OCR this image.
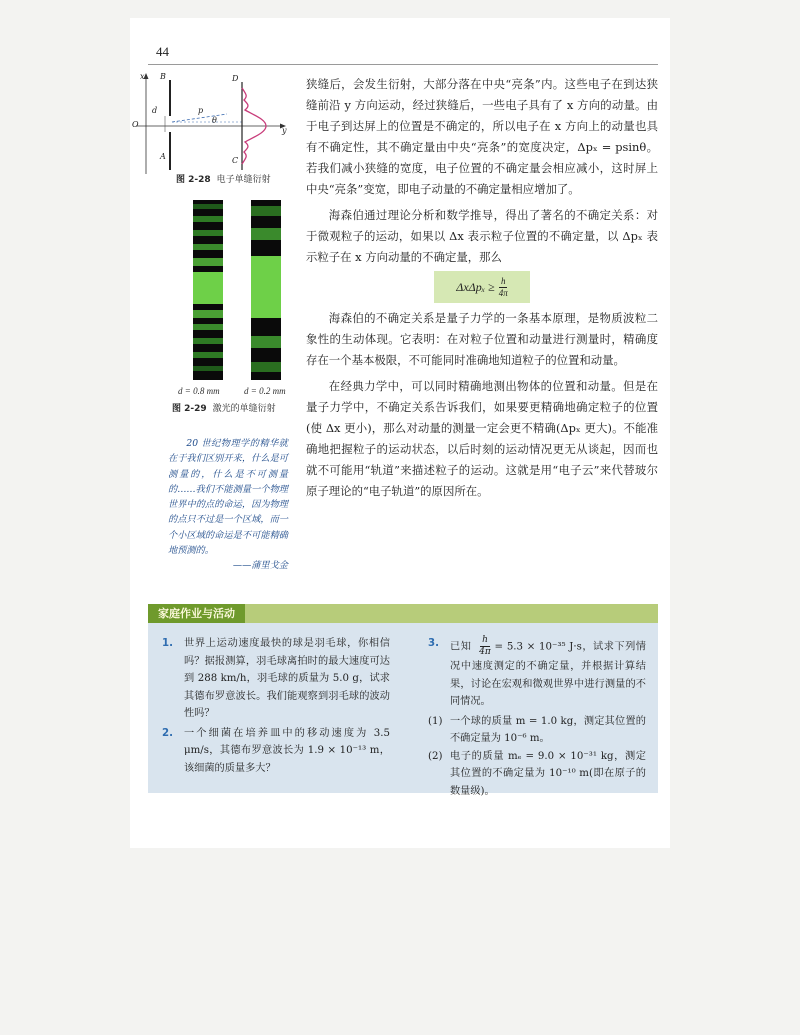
44
x B	D
d	p
θ
O
y
A	C
图 2-28 电子单缝衍射
d = 0.8 mm	d = 0.2 mm
图 2-29 激光的单缝衍射

狭缝后，会发生衍射，大部分落在中央“亮条”内。这些电子在到达狭缝前沿 y 方向运动，经过狭缝后，一些电子具有了 x 方向的动量。由于电子到达屏上的位置是不确定的，所以电子在 x 方向上的动量也具有不确定性，其不确定量由中央“亮条”的宽度决定，Δpₓ = psinθ。若我们减小狭缝的宽度，电子位置的不确定量会相应减小，这时屏上中央“亮条”变宽，即电子动量的不确定量相应增加了。

海森伯通过理论分析和数学推导，得出了著名的不确定关系：对于微观粒子的运动，如果以 Δx 表示粒子位置的不确定量，以 Δpₓ 表示粒子在 x 方向动量的不确定量，那么

$\Delta x\Delta p_x \ge \frac{h}{4\pi}$

海森伯的不确定关系是量子力学的一条基本原理，是物质波粒二象性的生动体现。它表明：在对粒子位置和动量进行测量时，精确度存在一个基本极限，不可能同时准确地知道粒子的位置和动量。

在经典力学中，可以同时精确地测出物体的位置和动量。但是在量子力学中，不确定关系告诉我们，如果要更精确地确定粒子的位置(使 Δx 更小)，那么对动量的测量一定会更不精确(Δpₓ 更大)。不能准确地把握粒子的运动状态，以后时刻的运动情况更无从谈起，因而也就不可能用“轨道”来描述粒子的运动。这就是用“电子云”来代替玻尔原子理论的“电子轨道”的原因所在。

20 世纪物理学的精华就在于我们区别开来，什么是可测量的，什么是不可测量的……我们不能测量一个物理世界中的点的命运，因为物理的点只不过是一个区域，而一个小区域的命运是不可能精确地预测的。

——蒲里戈金

家庭作业与活动
1. 世界上运动速度最快的球是羽毛球，你相信吗？据报测算，羽毛球离拍时的最大速度可达到 288 km/h，羽毛球的质量为 5.0 g，试求其德布罗意波长。我们能观察到羽毛球的波动性吗？
2. 一个细菌在培养皿中的移动速度为 3.5 μm/s，其德布罗意波长为 1.9 × 10⁻¹³ m，该细菌的质量多大？
3. 已知 $\frac{h}{4\pi} = 5.3 \times 10^{-35}$ J·s，试求下列情况中速度测定的不确定量，并根据计算结果，讨论在宏观和微观世界中进行测量的不同情况。
(1) 一个球的质量 m = 1.0 kg，测定其位置的不确定量为 10⁻⁶ m。
(2) 电子的质量 mₑ = 9.0 × 10⁻³¹ kg，测定其位置的不确定量为 10⁻¹⁰ m(即在原子的数量级)。
